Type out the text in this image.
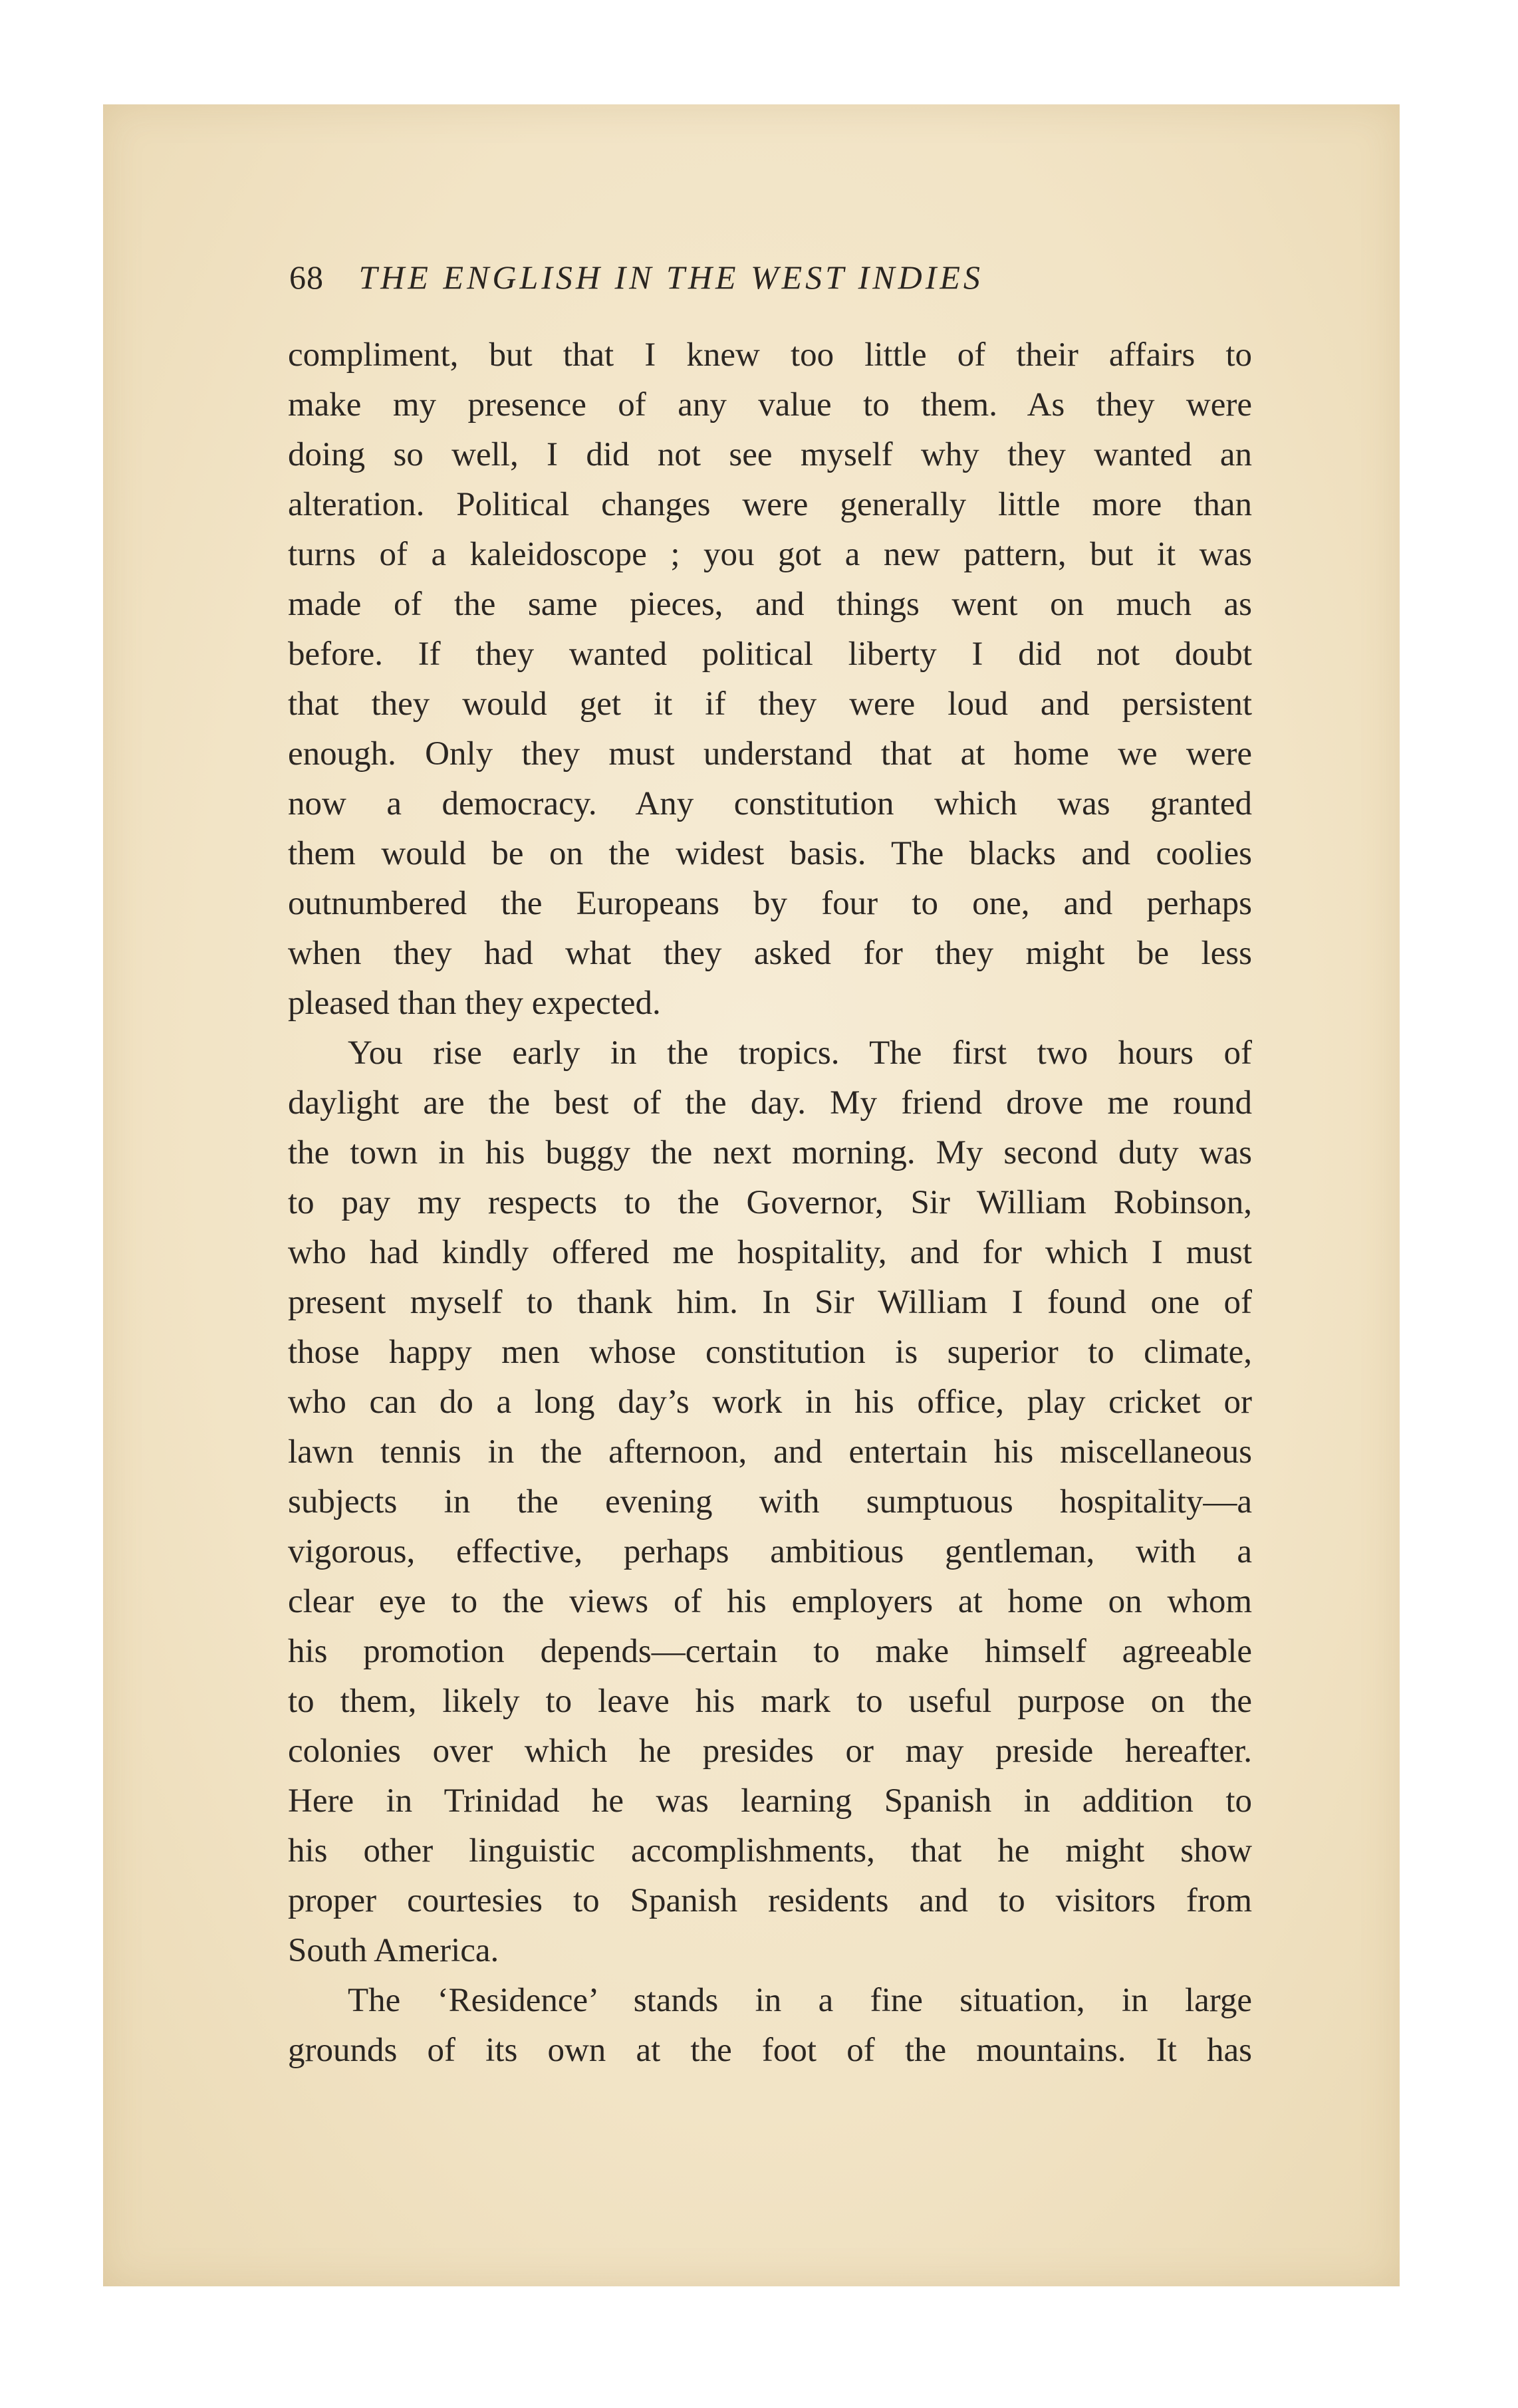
68 THE ENGLISH IN THE WEST INDIES
compliment, but that I knew too little of their affairs to
make my presence of any value to them. As they were
doing so well, I did not see myself why they wanted an
alteration. Political changes were generally little more than
turns of a kaleidoscope ; you got a new pattern, but it was
made of the same pieces, and things went on much as
before. If they wanted political liberty I did not doubt
that they would get it if they were loud and persistent
enough. Only they must understand that at home we were
now a democracy. Any constitution which was granted
them would be on the widest basis. The blacks and coolies
outnumbered the Europeans by four to one, and perhaps
when they had what they asked for they might be less
pleased than they expected.
You rise early in the tropics. The first two hours of
daylight are the best of the day. My friend drove me round
the town in his buggy the next morning. My second duty was
to pay my respects to the Governor, Sir William Robinson,
who had kindly offered me hospitality, and for which I must
present myself to thank him. In Sir William I found one of
those happy men whose constitution is superior to climate,
who can do a long day’s work in his office, play cricket or
lawn tennis in the afternoon, and entertain his miscellaneous
subjects in the evening with sumptuous hospitality—a
vigorous, effective, perhaps ambitious gentleman, with a
clear eye to the views of his employers at home on whom
his promotion depends—certain to make himself agreeable
to them, likely to leave his mark to useful purpose on the
colonies over which he presides or may preside hereafter.
Here in Trinidad he was learning Spanish in addition to
his other linguistic accomplishments, that he might show
proper courtesies to Spanish residents and to visitors from
South America.
The ‘Residence’ stands in a fine situation, in large
grounds of its own at the foot of the mountains. It has
